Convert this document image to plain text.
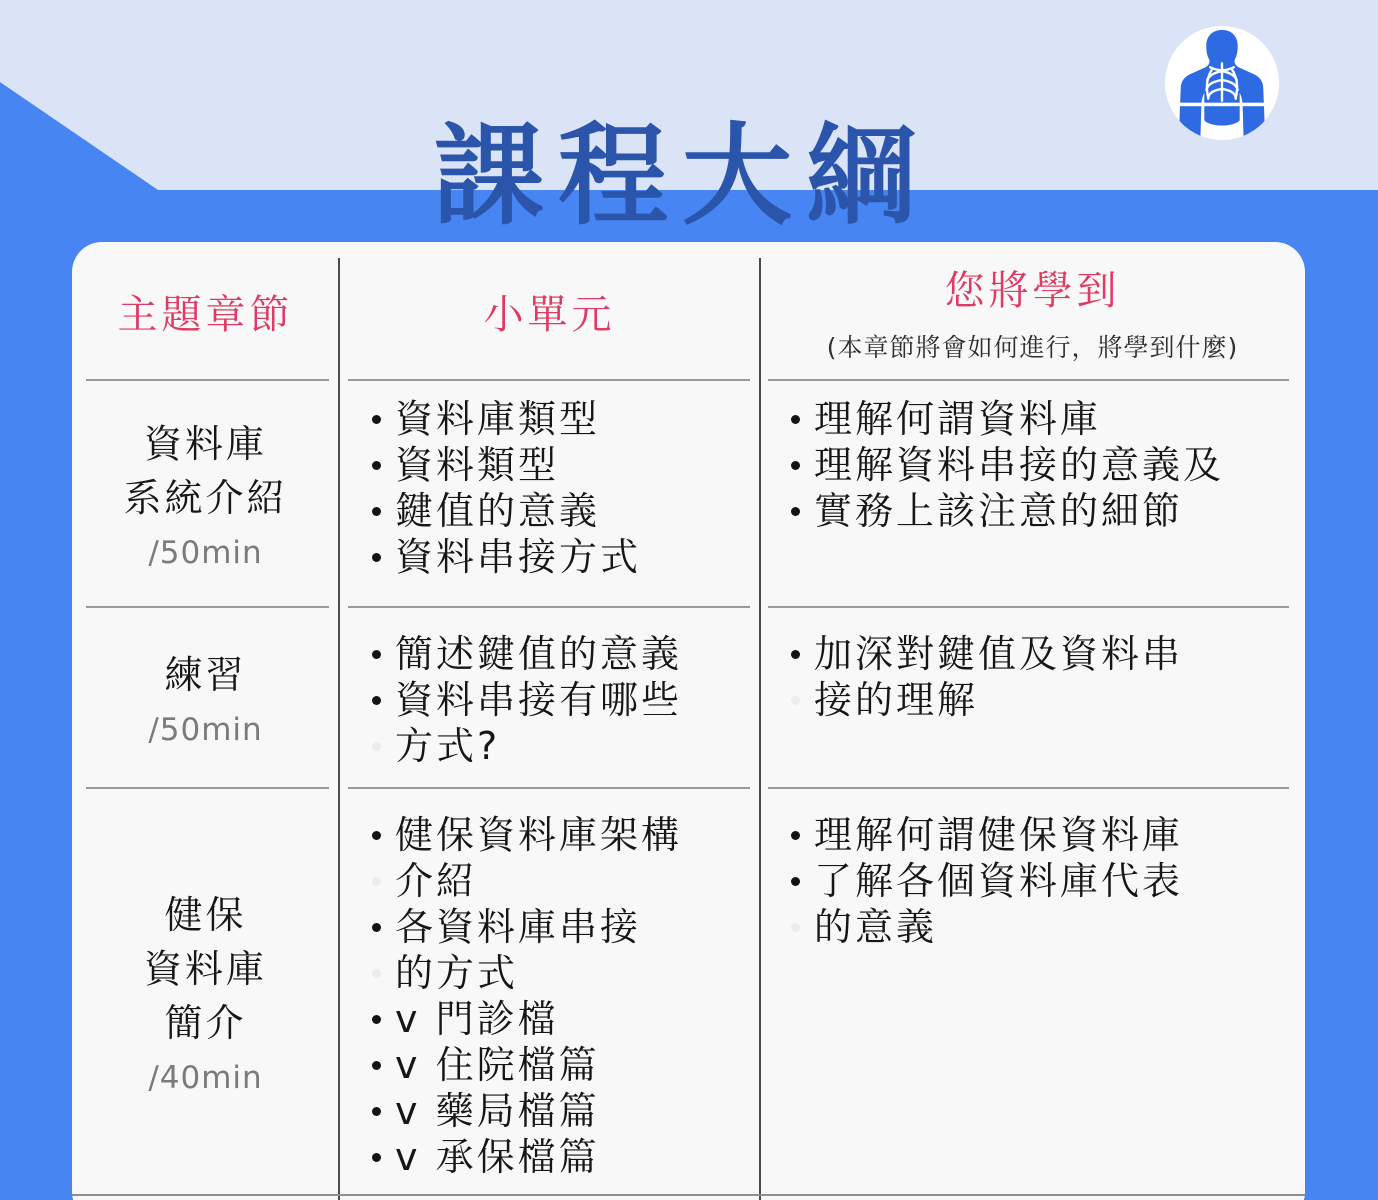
課程大綱
主題章節	小單元
您將學到
(本章節將會如何進行，將學到什麼)
資料庫
系統介紹
/50min
資料庫類型
資料類型
鍵值的意義
資料串接方式
理解何謂資料庫
理解資料串接的意義及
實務上該注意的細節
練習
/50min
簡述鍵值的意義
資料串接有哪些
方式?
加深對鍵值及資料串
接的理解
健保
資料庫
簡介
/40min
健保資料庫架構
介紹
各資料庫串接
的方式
v 門診檔
v 住院檔篇
v 藥局檔篇
v 承保檔篇
理解何謂健保資料庫
了解各個資料庫代表
的意義
